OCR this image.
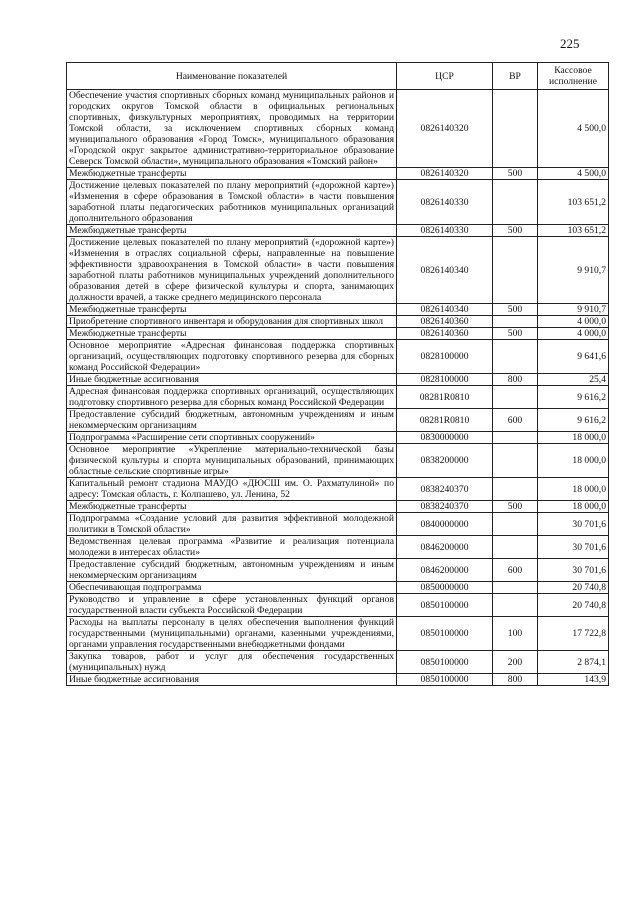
225
Наименование показателей	ЦСР	ВР	Кассовое исполнение
Обеспечение участия спортивных сборных команд муниципальных районов и городских округов Томской области в официальных региональных спортивных, физкультурных мероприятиях, проводимых на территории Томской области, за исключением спортивных сборных команд муниципального образования «Город Томск», муниципального образования «Городской округ закрытое административно-территориальное образование Северск Томской области», муниципального образования «Томский район»	0826140320		4 500,0
Межбюджетные трансферты	0826140320	500	4 500,0
Достижение целевых показателей по плану мероприятий («дорожной карте») «Изменения в сфере образования в Томской области» в части повышения заработной платы педагогических работников муниципальных организаций дополнительного образования	0826140330		103 651,2
Межбюджетные трансферты	0826140330	500	103 651,2
Достижение целевых показателей по плану мероприятий («дорожной карте») «Изменения в отраслях социальной сферы, направленные на повышение эффективности здравоохранения в Томской области» в части повышения заработной платы работников муниципальных учреждений дополнительного образования детей в сфере физической культуры и спорта, занимающих должности врачей, а также среднего медицинского персонала	0826140340		9 910,7
Межбюджетные трансферты	0826140340	500	9 910,7
Приобретение спортивного инвентаря и оборудования для спортивных школ	0826140360		4 000,0
Межбюджетные трансферты	0826140360	500	4 000,0
Основное мероприятие «Адресная финансовая поддержка спортивных организаций, осуществляющих подготовку спортивного резерва для сборных команд Российской Федерации»	0828100000		9 641,6
Иные бюджетные ассигнования	0828100000	800	25,4
Адресная финансовая поддержка спортивных организаций, осуществляющих подготовку спортивного резерва для сборных команд Российской Федерации	08281R0810		9 616,2
Предоставление субсидий бюджетным, автономным учреждениям и иным некоммерческим организациям	08281R0810	600	9 616,2
Подпрограмма «Расширение сети спортивных сооружений»	0830000000		18 000,0
Основное мероприятие «Укрепление материально-технической базы физической культуры и спорта муниципальных образований, принимающих областные сельские спортивные игры»	0838200000		18 000,0
Капитальный ремонт стадиона МАУДО «ДЮСШ им. О. Рахматулиной» по адресу: Томская область, г. Колпашево, ул. Ленина, 52	0838240370		18 000,0
Межбюджетные трансферты	0838240370	500	18 000,0
Подпрограмма «Создание условий для развития эффективной молодежной политики в Томской области»	0840000000		30 701,6
Ведомственная целевая программа «Развитие и реализация потенциала молодежи в интересах области»	0846200000		30 701,6
Предоставление субсидий бюджетным, автономным учреждениям и иным некоммерческим организациям	0846200000	600	30 701,6
Обеспечивающая подпрограмма	0850000000		20 740,8
Руководство и управление в сфере установленных функций органов государственной власти субъекта Российской Федерации	0850100000		20 740,8
Расходы на выплаты персоналу в целях обеспечения выполнения функций государственными (муниципальными) органами, казенными учреждениями, органами управления государственными внебюджетными фондами	0850100000	100	17 722,8
Закупка товаров, работ и услуг для обеспечения государственных (муниципальных) нужд	0850100000	200	2 874,1
Иные бюджетные ассигнования	0850100000	800	143,9
